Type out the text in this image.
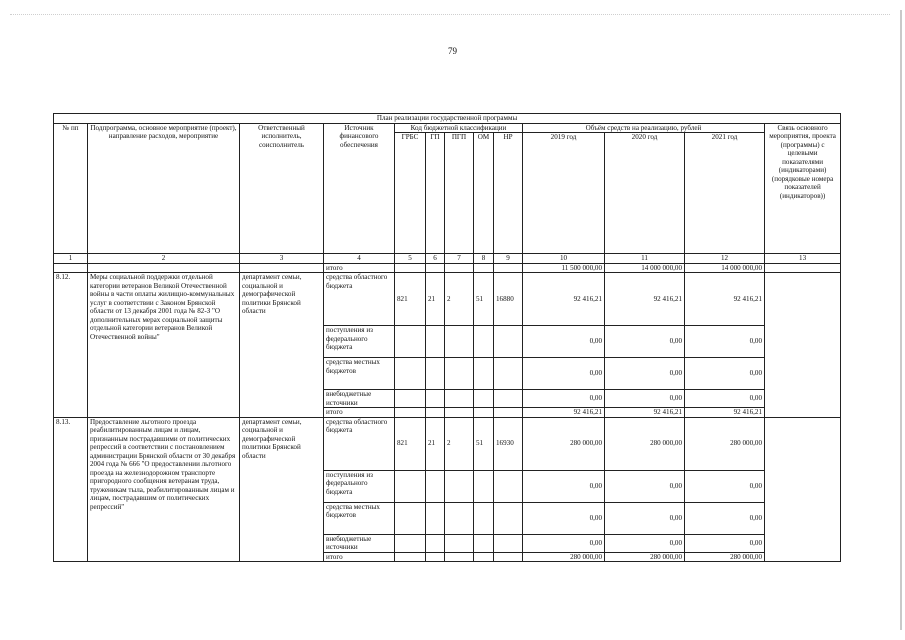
79
План реализации государственной программы												
№ пп	Подпрограмма, основное мероприятие (проект), направление расходов, мероприятие	Ответственный исполнитель, соисполнитель	Источник финансового обеспечения	Код бюджетной классификации					Объём средств на реализацию, рублей			Связь основного мероприятия, проекта (программы) с целевыми показателями (индикаторами) (порядковые номера показателей (индикаторов))
				ГРБС	ГП	ПГП	ОМ	НР	2019 год	2020 год	2021 год	
1	2	3	4	5	6	7	8	9	10	11	12	13
			итого						11 500 000,00	14 000 000,00	14 000 000,00	
8.12.	Меры социальной поддержки отдельной категории ветеранов Великой Отечественной войны в части оплаты жилищно-коммунальных услуг в соответствии с Законом Брянской области от 13 декабря 2001 года № 82-З "О дополнительных мерах социальной защиты отдельной категории ветеранов Великой Отечественной войны"	департамент семьи, социальной и демографической политики Брянской области	средства областного бюджета	821	21	2	51	16880	92 416,21	92 416,21	92 416,21	
			поступления из федерального бюджета						0,00	0,00	0,00	
			средства местных бюджетов						0,00	0,00	0,00	
			внебюджетные источники						0,00	0,00	0,00	
			итого						92 416,21	92 416,21	92 416,21	
8.13.	Предоставление льготного проезда реабилитированным лицам и лицам, признанным пострадавшими от политических репрессий в соответствии с постановлением администрации Брянской области от 30 декабря 2004 года № 666 "О предоставлении льготного проезда на железнодорожном транспорте пригородного сообщения ветеранам труда, труженикам тыла, реабилитированным лицам и лицам, пострадавшим от политических репрессий"	департамент семьи, социальной и демографической политики Брянской области	средства областного бюджета	821	21	2	51	16930	280 000,00	280 000,00	280 000,00	
			поступления из федерального бюджета						0,00	0,00	0,00	
			средства местных бюджетов						0,00	0,00	0,00	
			внебюджетные источники						0,00	0,00	0,00	
			итого						280 000,00	280 000,00	280 000,00	
